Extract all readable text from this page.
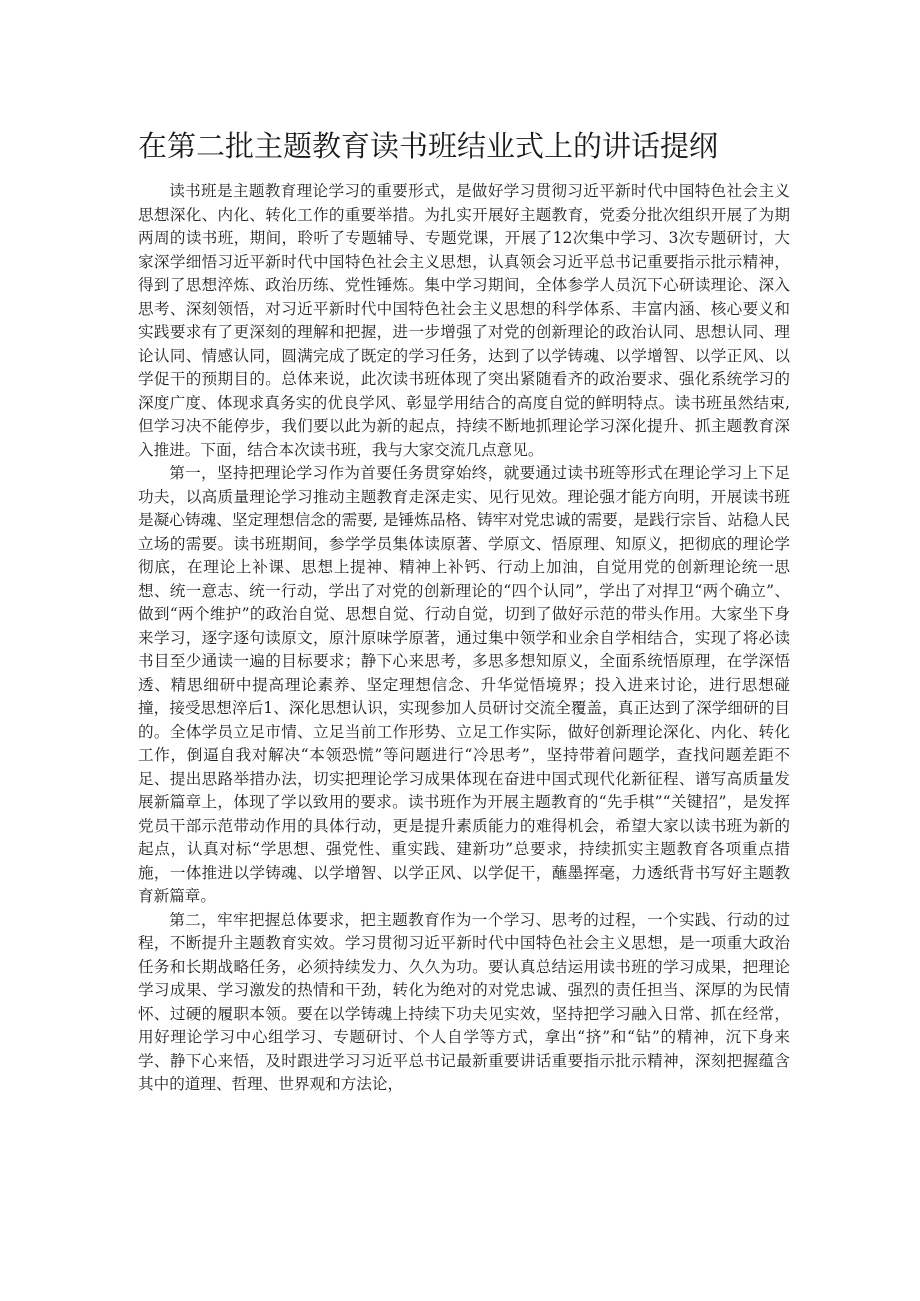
在第二批主题教育读书班结业式上的讲话提纲

读书班是主题教育理论学习的重要形式，是做好学习贯彻习近平新时代中国特色社会主义思想深化、内化、转化工作的重要举措。为扎实开展好主题教育，党委分批次组织开展了为期两周的读书班，期间，聆听了专题辅导、专题党课，开展了12次集中学习、3次专题研讨，大家深学细悟习近平新时代中国特色社会主义思想，认真领会习近平总书记重要指示批示精神，得到了思想淬炼、政治历练、党性锤炼。集中学习期间，全体参学人员沉下心研读理论、深入思考、深刻领悟，对习近平新时代中国特色社会主义思想的科学体系、丰富内涵、核心要义和实践要求有了更深刻的理解和把握，进一步增强了对党的创新理论的政治认同、思想认同、理论认同、情感认同，圆满完成了既定的学习任务，达到了以学铸魂、以学增智、以学正风、以学促干的预期目的。总体来说，此次读书班体现了突出紧随看齐的政治要求、强化系统学习的深度广度、体现求真务实的优良学风、彰显学用结合的高度自觉的鲜明特点。读书班虽然结束,但学习决不能停步，我们要以此为新的起点，持续不断地抓理论学习深化提升、抓主题教育深入推进。下面，结合本次读书班，我与大家交流几点意见。

第一，坚持把理论学习作为首要任务贯穿始终，就要通过读书班等形式在理论学习上下足功夫，以高质量理论学习推动主题教育走深走实、见行见效。理论强才能方向明，开展读书班是凝心铸魂、坚定理想信念的需要, 是锤炼品格、铸牢对党忠诚的需要，是践行宗旨、站稳人民立场的需要。读书班期间，参学学员集体读原著、学原文、悟原理、知原义，把彻底的理论学彻底，在理论上补课、思想上提神、精神上补钙、行动上加油，自觉用党的创新理论统一思想、统一意志、统一行动，学出了对党的创新理论的“四个认同”，学出了对捍卫“两个确立”、做到“两个维护”的政治自觉、思想自觉、行动自觉，切到了做好示范的带头作用。大家坐下身来学习，逐字逐句读原文，原汁原味学原著，通过集中领学和业余自学相结合，实现了将必读书目至少通读一遍的目标要求；静下心来思考，多思多想知原义，全面系统悟原理，在学深悟透、精思细研中提高理论素养、坚定理想信念、升华觉悟境界；投入进来讨论，进行思想碰撞，接受思想淬后1、深化思想认识，实现参加人员研讨交流全覆盖，真正达到了深学细研的目的。全体学员立足市情、立足当前工作形势、立足工作实际，做好创新理论深化、内化、转化工作，倒逼自我对解决“本领恐慌”等问题进行“冷思考”，坚持带着问题学，查找问题差距不足、提出思路举措办法，切实把理论学习成果体现在奋进中国式现代化新征程、谱写高质量发展新篇章上，体现了学以致用的要求。读书班作为开展主题教育的“先手棋”“关键招”，是发挥党员干部示范带动作用的具体行动，更是提升素质能力的难得机会，希望大家以读书班为新的起点，认真对标“学思想、强党性、重实践、建新功”总要求，持续抓实主题教育各项重点措施，一体推进以学铸魂、以学增智、以学正风、以学促干，蘸墨挥毫，力透纸背书写好主题教育新篇章。

第二，牢牢把握总体要求，把主题教育作为一个学习、思考的过程，一个实践、行动的过程，不断提升主题教育实效。学习贯彻习近平新时代中国特色社会主义思想，是一项重大政治任务和长期战略任务，必须持续发力、久久为功。要认真总结运用读书班的学习成果，把理论学习成果、学习激发的热情和干劲，转化为绝对的对党忠诚、强烈的责任担当、深厚的为民情怀、过硬的履职本领。要在以学铸魂上持续下功夫见实效，坚持把学习融入日常、抓在经常，用好理论学习中心组学习、专题研讨、个人自学等方式，拿出“挤”和“钻”的精神，沉下身来学、静下心来悟，及时跟进学习习近平总书记最新重要讲话重要指示批示精神，深刻把握蕴含其中的道理、哲理、世界观和方法论，
